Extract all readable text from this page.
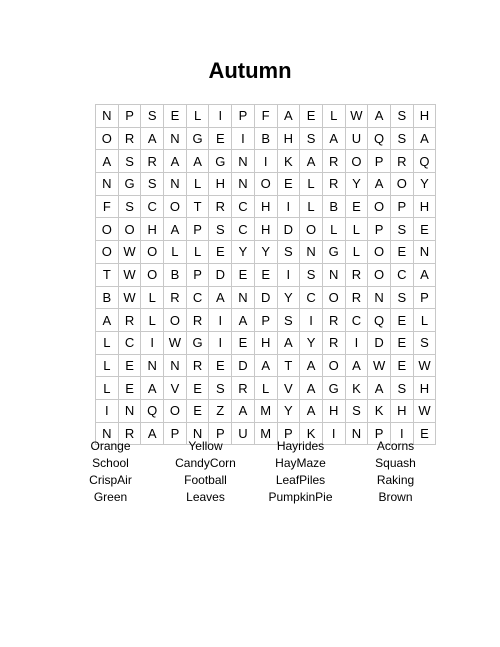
Autumn
N	P	S	E	L	I	P	F	A	E	L	W	A	S	H
O	R	A	N	G	E	I	B	H	S	A	U	Q	S	A
A	S	R	A	A	G	N	I	K	A	R	O	P	R	Q
N	G	S	N	L	H	N	O	E	L	R	Y	A	O	Y
F	S	C	O	T	R	C	H	I	L	B	E	O	P	H
O	O	H	A	P	S	C	H	D	O	L	L	P	S	E
O	W	O	L	L	E	Y	Y	S	N	G	L	O	E	N
T	W	O	B	P	D	E	E	I	S	N	R	O	C	A
B	W	L	R	C	A	N	D	Y	C	O	R	N	S	P
A	R	L	O	R	I	A	P	S	I	R	C	Q	E	L
L	C	I	W	G	I	E	H	A	Y	R	I	D	E	S
L	E	N	N	R	E	D	A	T	A	O	A	W	E	W
L	E	A	V	E	S	R	L	V	A	G	K	A	S	H
I	N	Q	O	E	Z	A	M	Y	A	H	S	K	H	W
N	R	A	P	N	P	U	M	P	K	I	N	P	I	E
Orange	Yellow	Hayrides	Acorns
School	CandyCorn	HayMaze	Squash
CrispAir	Football	LeafPiles	Raking
Green	Leaves	PumpkinPie	Brown
